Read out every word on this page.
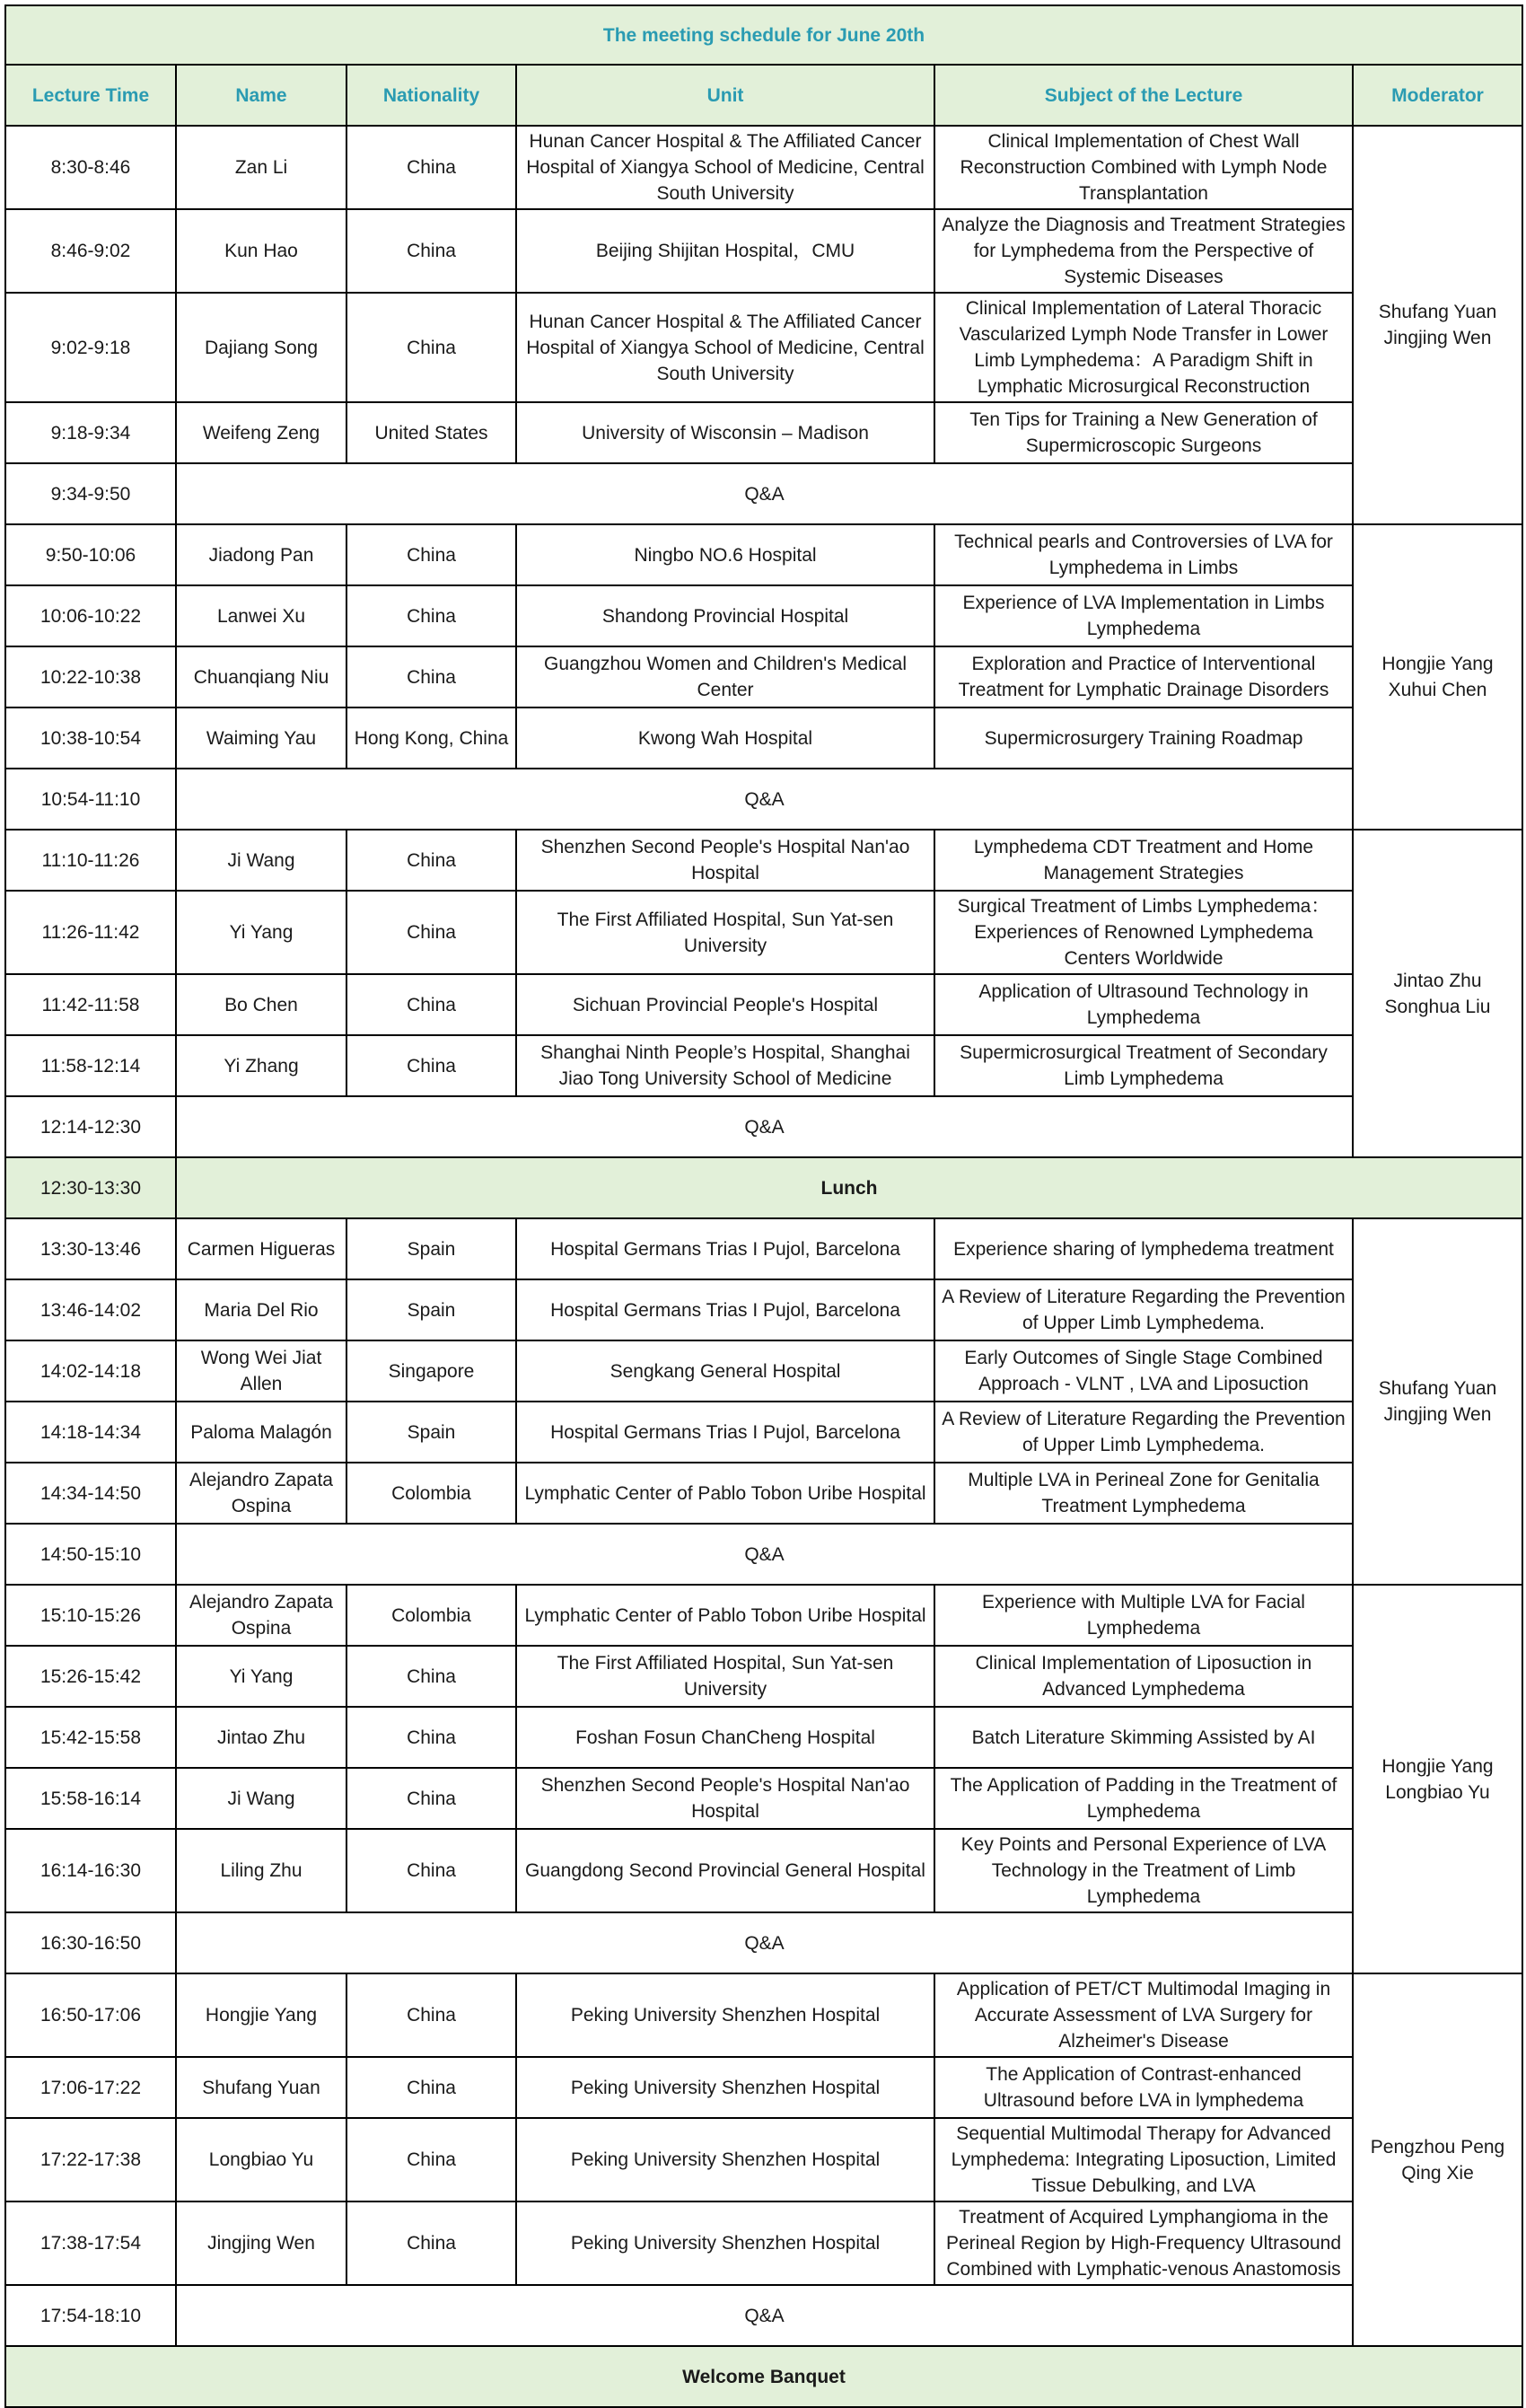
The meeting schedule for June 20th					
Lecture Time	Name	Nationality	Unit	Subject of the Lecture	Moderator
8:30-8:46	Zan Li	China	Hunan Cancer Hospital & The Affiliated Cancer Hospital of Xiangya School of Medicine, Central South University	Clinical Implementation of Chest Wall Reconstruction Combined with Lymph Node Transplantation	Shufang Yuan
Jingjing Wen

8:46-9:02	Kun Hao	China	Beijing Shijitan Hospital，CMU	Analyze the Diagnosis and Treatment Strategies for Lymphedema from the Perspective of Systemic Diseases	
9:02-9:18	Dajiang Song	China	Hunan Cancer Hospital & The Affiliated Cancer Hospital of Xiangya School of Medicine, Central South University	Clinical Implementation of Lateral Thoracic Vascularized Lymph Node Transfer in Lower Limb Lymphedema：A Paradigm Shift in Lymphatic Microsurgical Reconstruction	
9:18-9:34	Weifeng Zeng	United States	University of Wisconsin – Madison	Ten Tips for Training a New Generation of Supermicroscopic Surgeons	
9:34-9:50	Q&A				
9:50-10:06	Jiadong Pan	China	Ningbo NO.6 Hospital	Technical pearls and Controversies of LVA for Lymphedema in Limbs	Hongjie Yang
Xuhui Chen

10:06-10:22	Lanwei Xu	China	Shandong Provincial Hospital	Experience of LVA Implementation in Limbs Lymphedema	
10:22-10:38	Chuanqiang Niu	China	Guangzhou Women and Children's Medical Center	Exploration and Practice of Interventional Treatment for Lymphatic Drainage Disorders	
10:38-10:54	Waiming Yau	Hong Kong, China	Kwong Wah Hospital	Supermicrosurgery Training Roadmap	
10:54-11:10	Q&A				
11:10-11:26	Ji Wang	China	Shenzhen Second People's Hospital Nan'ao Hospital	Lymphedema CDT Treatment and Home Management Strategies	Jintao Zhu
Songhua Liu

11:26-11:42	Yi Yang	China	The First Affiliated Hospital, Sun Yat-sen University	Surgical Treatment of Limbs Lymphedema：Experiences of Renowned Lymphedema Centers Worldwide	
11:42-11:58	Bo Chen	China	Sichuan Provincial People's Hospital	Application of Ultrasound Technology in Lymphedema	
11:58-12:14	Yi Zhang	China	Shanghai Ninth People’s Hospital, Shanghai Jiao Tong University School of Medicine	Supermicrosurgical Treatment of Secondary Limb Lymphedema	
12:14-12:30	Q&A				
12:30-13:30	Lunch				
13:30-13:46	Carmen Higueras	Spain	Hospital Germans Trias I Pujol, Barcelona	Experience sharing of lymphedema treatment	Shufang Yuan
Jingjing Wen

13:46-14:02	Maria Del Rio	Spain	Hospital Germans Trias I Pujol, Barcelona	A Review of Literature Regarding the Prevention of Upper Limb Lymphedema.	
14:02-14:18	Wong Wei Jiat Allen	Singapore	Sengkang General Hospital	Early Outcomes of Single Stage Combined Approach - VLNT , LVA and Liposuction	
14:18-14:34	Paloma Malagón	Spain	Hospital Germans Trias I Pujol, Barcelona	A Review of Literature Regarding the Prevention of Upper Limb Lymphedema.	
14:34-14:50	Alejandro Zapata Ospina	Colombia	Lymphatic Center of Pablo Tobon Uribe Hospital	Multiple LVA in Perineal Zone for Genitalia Treatment Lymphedema	
14:50-15:10	Q&A				
15:10-15:26	Alejandro Zapata Ospina	Colombia	Lymphatic Center of Pablo Tobon Uribe Hospital	Experience with Multiple LVA for Facial Lymphedema	Hongjie Yang
Longbiao Yu

15:26-15:42	Yi Yang	China	The First Affiliated Hospital, Sun Yat-sen University	Clinical Implementation of Liposuction in Advanced Lymphedema	
15:42-15:58	Jintao Zhu	China	Foshan Fosun ChanCheng Hospital	Batch Literature Skimming Assisted by AI	
15:58-16:14	Ji Wang	China	Shenzhen Second People's Hospital Nan'ao Hospital	The Application of Padding in the Treatment of Lymphedema	
16:14-16:30	Liling Zhu	China	Guangdong Second Provincial General Hospital	Key Points and Personal Experience of LVA Technology in the Treatment of Limb Lymphedema	
16:30-16:50	Q&A				
16:50-17:06	Hongjie Yang	China	Peking University Shenzhen Hospital	Application of PET/CT Multimodal Imaging in Accurate Assessment of LVA Surgery for Alzheimer's Disease	Pengzhou Peng
Qing Xie

17:06-17:22	Shufang Yuan	China	Peking University Shenzhen Hospital	The Application of Contrast-enhanced Ultrasound before LVA in lymphedema	
17:22-17:38	Longbiao Yu	China	Peking University Shenzhen Hospital	Sequential Multimodal Therapy for Advanced Lymphedema: Integrating Liposuction, Limited Tissue Debulking, and LVA	
17:38-17:54	Jingjing Wen	China	Peking University Shenzhen Hospital	Treatment of Acquired Lymphangioma in the Perineal Region by High-Frequency Ultrasound Combined with Lymphatic-venous Anastomosis	
17:54-18:10	Q&A				
Welcome Banquet					
